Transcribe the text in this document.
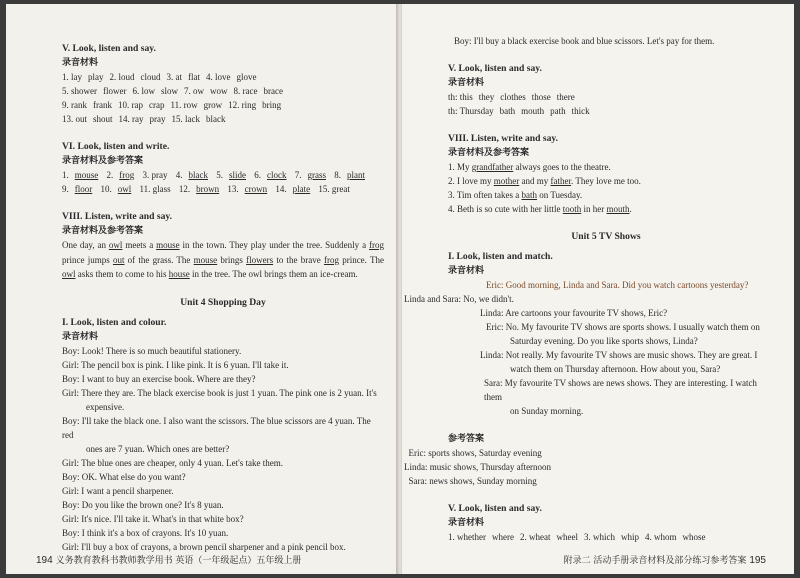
V. Look, listen and say.

录音材料
1. lay play 2. loud cloud 3. at flat 4. love glove
5. shower flower 6. low slow 7. ow wow 8. race brace
9. rank frank 10. rap crap 11. row grow 12. ring bring
13. out shout 14. ray pray 15. lack black

VI. Look, listen and write.

录音材料及参考答案
1. mouse 2. frog 3. pray 4. black 5. slide 6. clock 7. grass 8. plant
9. floor 10. owl 11. glass 12. brown 13. crown 14. plate 15. great

VIII. Listen, write and say.

录音材料及参考答案
One day, an owl meets a mouse in the town. They play under the tree. Suddenly a frog prince jumps out of the grass. The mouse brings flowers to the brave frog prince. The owl asks them to come to his house in the tree. The owl brings them an ice-cream.
Unit 4 Shopping Day

I. Look, listen and colour.

录音材料
Boy: Look! There is so much beautiful stationery.
Girl: The pencil box is pink. I like pink. It is 6 yuan. I'll take it.
Boy: I want to buy an exercise book. Where are they?
Girl: There they are. The black exercise book is just 1 yuan. The pink one is 2 yuan. It's
expensive.
Boy: I'll take the black one. I also want the scissors. The blue scissors are 4 yuan. The red
ones are 7 yuan. Which ones are better?
Girl: The blue ones are cheaper, only 4 yuan. Let's take them.
Boy: OK. What else do you want?
Girl: I want a pencil sharpener.
Boy: Do you like the brown one? It's 8 yuan.
Girl: It's nice. I'll take it. What's in that white box?
Boy: I think it's a box of crayons. It's 10 yuan.
Girl: I'll buy a box of crayons, a brown pencil sharpener and a pink pencil box.
194 义务教育教科书教师教学用书 英语（一年级起点）五年级上册
Boy: I'll buy a black exercise book and blue scissors. Let's pay for them.

V. Look, listen and say.

录音材料
th: this they clothes those there
th: Thursday bath mouth path thick

VIII. Listen, write and say.

录音材料及参考答案
1. My grandfather always goes to the theatre.
2. I love my mother and my father. They love me too.
3. Tim often takes a bath on Tuesday.
4. Beth is so cute with her little tooth in her mouth.
Unit 5 TV Shows

I. Look, listen and match.

录音材料
Eric: Good morning, Linda and Sara. Did you watch cartoons yesterday?
Linda and Sara: No, we didn't.
Linda: Are cartoons your favourite TV shows, Eric?
Eric: No. My favourite TV shows are sports shows. I usually watch them on
Saturday evening. Do you like sports shows, Linda?
Linda: Not really. My favourite TV shows are music shows. They are great. I
watch them on Thursday afternoon. How about you, Sara?
Sara: My favourite TV shows are news shows. They are interesting. I watch them
on Sunday morning.
参考答案
Eric: sports shows, Saturday evening
Linda: music shows, Thursday afternoon
Sara: news shows, Sunday morning

V. Look, listen and say.

录音材料
1. whether where 2. wheat wheel 3. which whip 4. whom whose
附录二 活动手册录音材料及部分练习参考答案 195
